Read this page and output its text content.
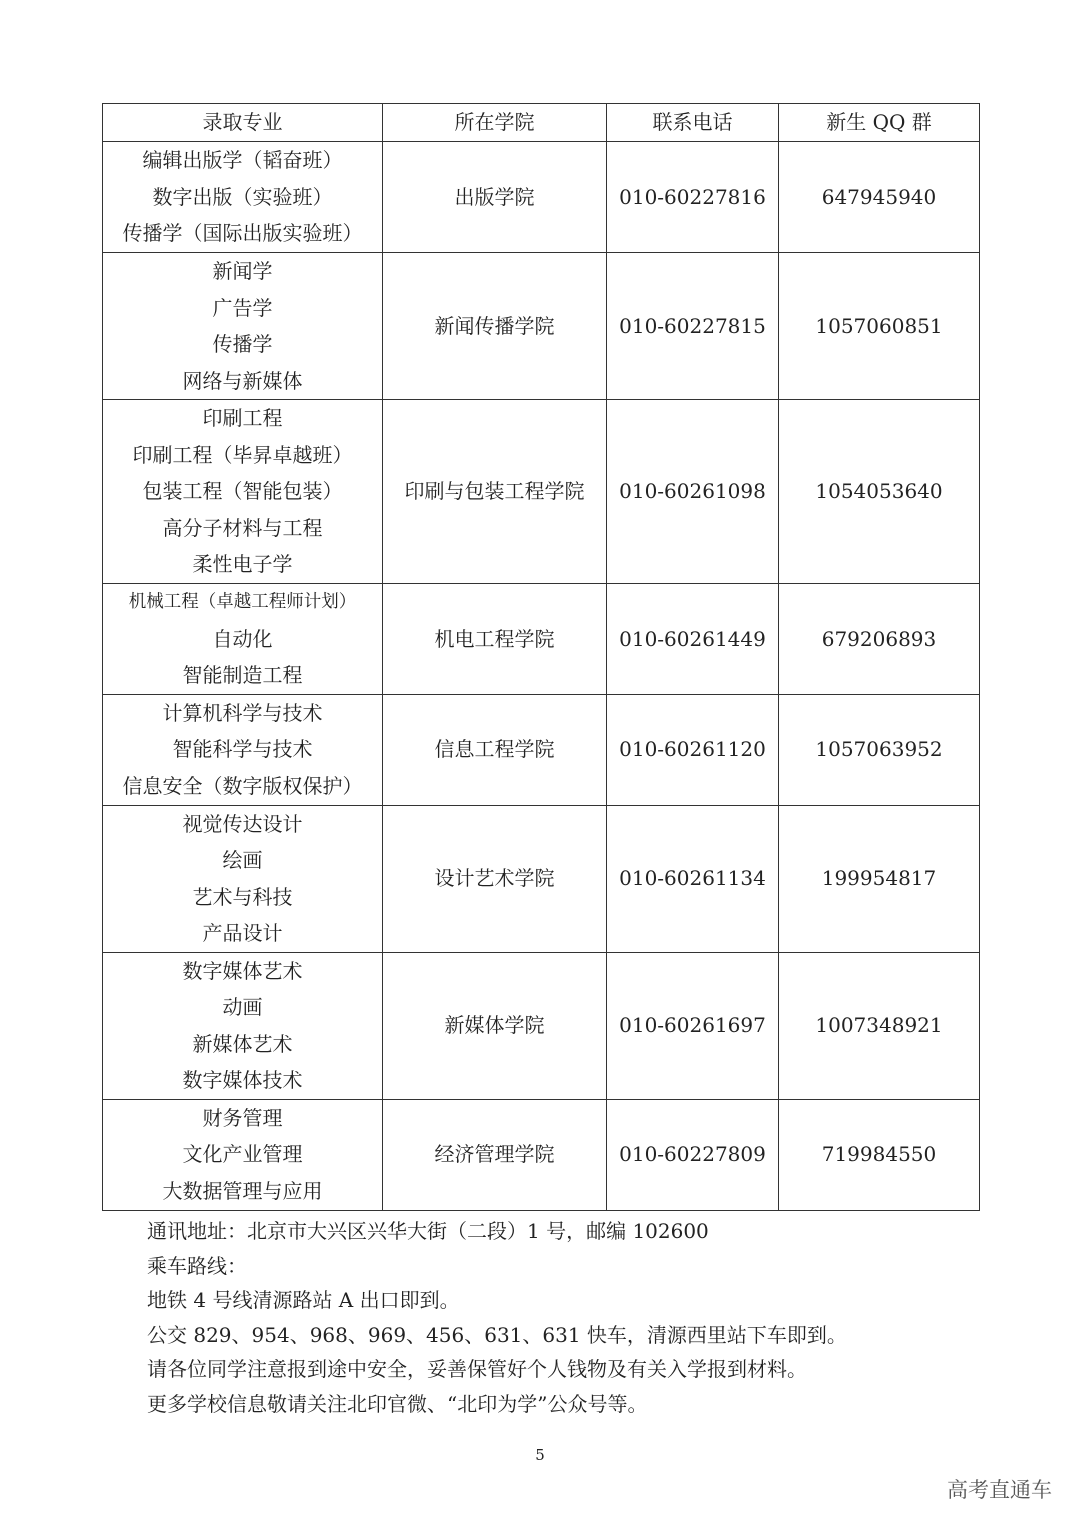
录取专业	所在学院	联系电话	新生 QQ 群

编辑出版学（韬奋班）
数字出版（实验班）
传播学（国际出版实验班）	出版学院	010-60227816	647945940

新闻学
广告学
传播学
网络与新媒体	新闻传播学院	010-60227815	1057060851

印刷工程
印刷工程（毕昇卓越班）
包装工程（智能包装）
高分子材料与工程
柔性电子学	印刷与包装工程学院	010-60261098	1054053640

机械工程（卓越工程师计划）
自动化
智能制造工程	机电工程学院	010-60261449	679206893

计算机科学与技术
智能科学与技术
信息安全（数字版权保护）	信息工程学院	010-60261120	1057063952

视觉传达设计
绘画
艺术与科技
产品设计	设计艺术学院	010-60261134	199954817

数字媒体艺术
动画
新媒体艺术
数字媒体技术	新媒体学院	010-60261697	1007348921

财务管理
文化产业管理
大数据管理与应用	经济管理学院	010-60227809	719984550
通讯地址：北京市大兴区兴华大街（二段）1 号，邮编 102600
乘车路线：
地铁 4 号线清源路站 A 出口即到。
公交 829、954、968、969、456、631、631 快车，清源西里站下车即到。
请各位同学注意报到途中安全，妥善保管好个人钱物及有关入学报到材料。
更多学校信息敬请关注北印官微、“北印为学”公众号等。
5
高考直通车
